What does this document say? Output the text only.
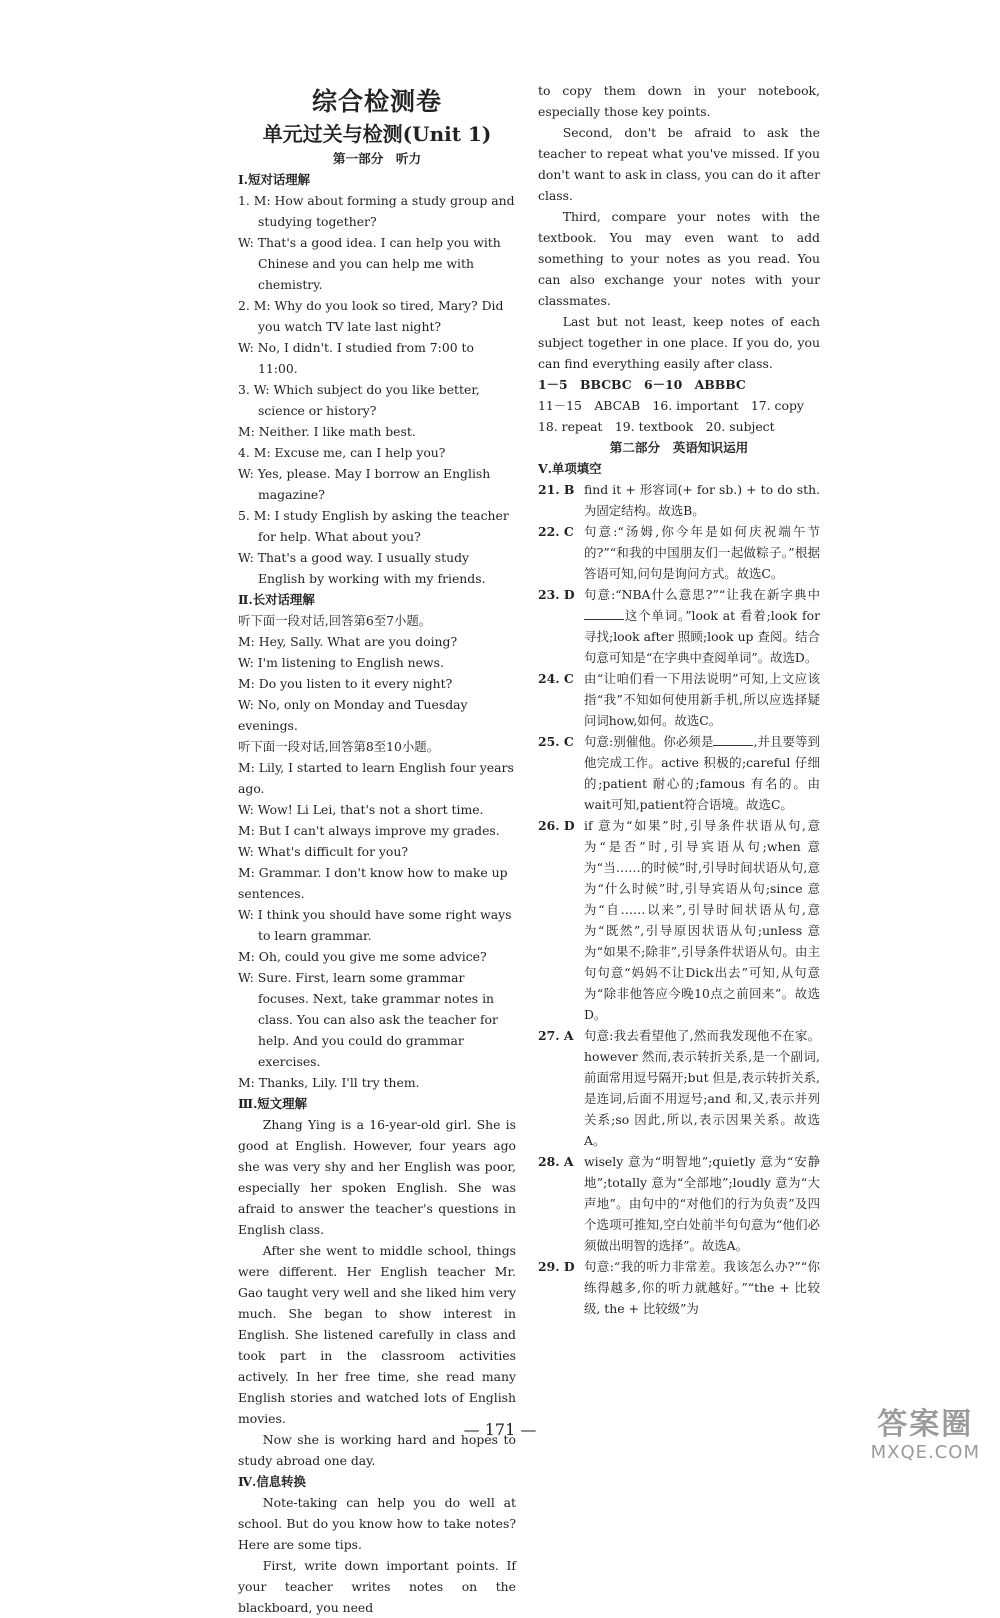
综合检测卷
单元过关与检测(Unit 1)
第一部分　听力
Ⅰ.短对话理解

1. M: How about forming a study group and studying together?

W: That's a good idea. I can help you with Chinese and you can help me with chemistry.

2. M: Why do you look so tired, Mary? Did you watch TV late last night?

W: No, I didn't. I studied from 7:00 to 11:00.

3. W: Which subject do you like better, science or history?

M: Neither. I like math best.

4. M: Excuse me, can I help you?

W: Yes, please. May I borrow an English magazine?

5. M: I study English by asking the teacher for help. What about you?

W: That's a good way. I usually study English by working with my friends.

Ⅱ.长对话理解

听下面一段对话,回答第6至7小题。

M: Hey, Sally. What are you doing?

W: I'm listening to English news.

M: Do you listen to it every night?

W: No, only on Monday and Tuesday evenings.

听下面一段对话,回答第8至10小题。

M: Lily, I started to learn English four years ago.

W: Wow! Li Lei, that's not a short time.

M: But I can't always improve my grades.

W: What's difficult for you?

M: Grammar. I don't know how to make up sentences.

W: I think you should have some right ways to learn grammar.

M: Oh, could you give me some advice?

W: Sure. First, learn some grammar focuses. Next, take grammar notes in class. You can also ask the teacher for help. And you could do grammar exercises.

M: Thanks, Lily. I'll try them.

Ⅲ.短文理解

Zhang Ying is a 16-year-old girl. She is good at English. However, four years ago she was very shy and her English was poor, especially her spoken English. She was afraid to answer the teacher's questions in English class.

After she went to middle school, things were different. Her English teacher Mr. Gao taught very well and she liked him very much. She began to show interest in English. She listened carefully in class and took part in the classroom activities actively. In her free time, she read many English stories and watched lots of English movies.

Now she is working hard and hopes to study abroad one day.

Ⅳ.信息转换

Note-taking can help you do well at school. But do you know how to take notes? Here are some tips.

First, write down important points. If your teacher writes notes on the blackboard, you need

to copy them down in your notebook, especially those key points.

Second, don't be afraid to ask the teacher to repeat what you've missed. If you don't want to ask in class, you can do it after class.

Third, compare your notes with the textbook. You may even want to add something to your notes as you read. You can also exchange your notes with your classmates.

Last but not least, keep notes of each subject together in one place. If you do, you can find everything easily after class.

1－5　BBCBC　6－10　ABBBC

11－15　ABCAB　16. important　17. copy

18. repeat　19. textbook　20. subject

第二部分　英语知识运用
Ⅴ.单项填空
21. B find it + 形容词(+ for sb.) + to do sth. 为固定结构。故选B。
22. C 句意:“汤姆,你今年是如何庆祝端午节的?”“和我的中国朋友们一起做粽子。”根据答语可知,问句是询问方式。故选C。
23. D 句意:“NBA什么意思?”“让我在新字典中这个单词。”look at 看着;look for 寻找;look after 照顾;look up 查阅。结合句意可知是“在字典中查阅单词”。故选D。
24. C 由“让咱们看一下用法说明”可知,上文应该指“我”不知如何使用新手机,所以应选择疑问词how,如何。故选C。
25. C 句意:别催他。你必须是	,并且要等到他完成工作。active 积极的;careful 仔细的;patient 耐心的;famous 有名的。由wait可知,patient符合语境。故选C。
26. D if 意为“如果”时,引导条件状语从句,意为“是否”时,引导宾语从句;when 意为“当……的时候”时,引导时间状语从句,意为“什么时候”时,引导宾语从句;since 意为“自……以来”,引导时间状语从句,意为“既然”,引导原因状语从句;unless 意为“如果不;除非”,引导条件状语从句。由主句句意“妈妈不让Dick出去”可知,从句意为“除非他答应今晚10点之前回来”。故选D。
27. A 句意:我去看望他了,然而我发现他不在家。however 然而,表示转折关系,是一个副词,前面常用逗号隔开;but 但是,表示转折关系,是连词,后面不用逗号;and 和,又,表示并列关系;so 因此,所以,表示因果关系。故选A。
28. A wisely 意为“明智地”;quietly 意为“安静地”;totally 意为“全部地”;loudly 意为“大声地”。由句中的“对他们的行为负责”及四个选项可推知,空白处前半句句意为“他们必须做出明智的选择”。故选A。
29. D 句意:“我的听力非常差。我该怎么办?”“你练得越多,你的听力就越好。”“the + 比较级, the + 比较级”为
— 171 —	答案圈
MXQE.COM
